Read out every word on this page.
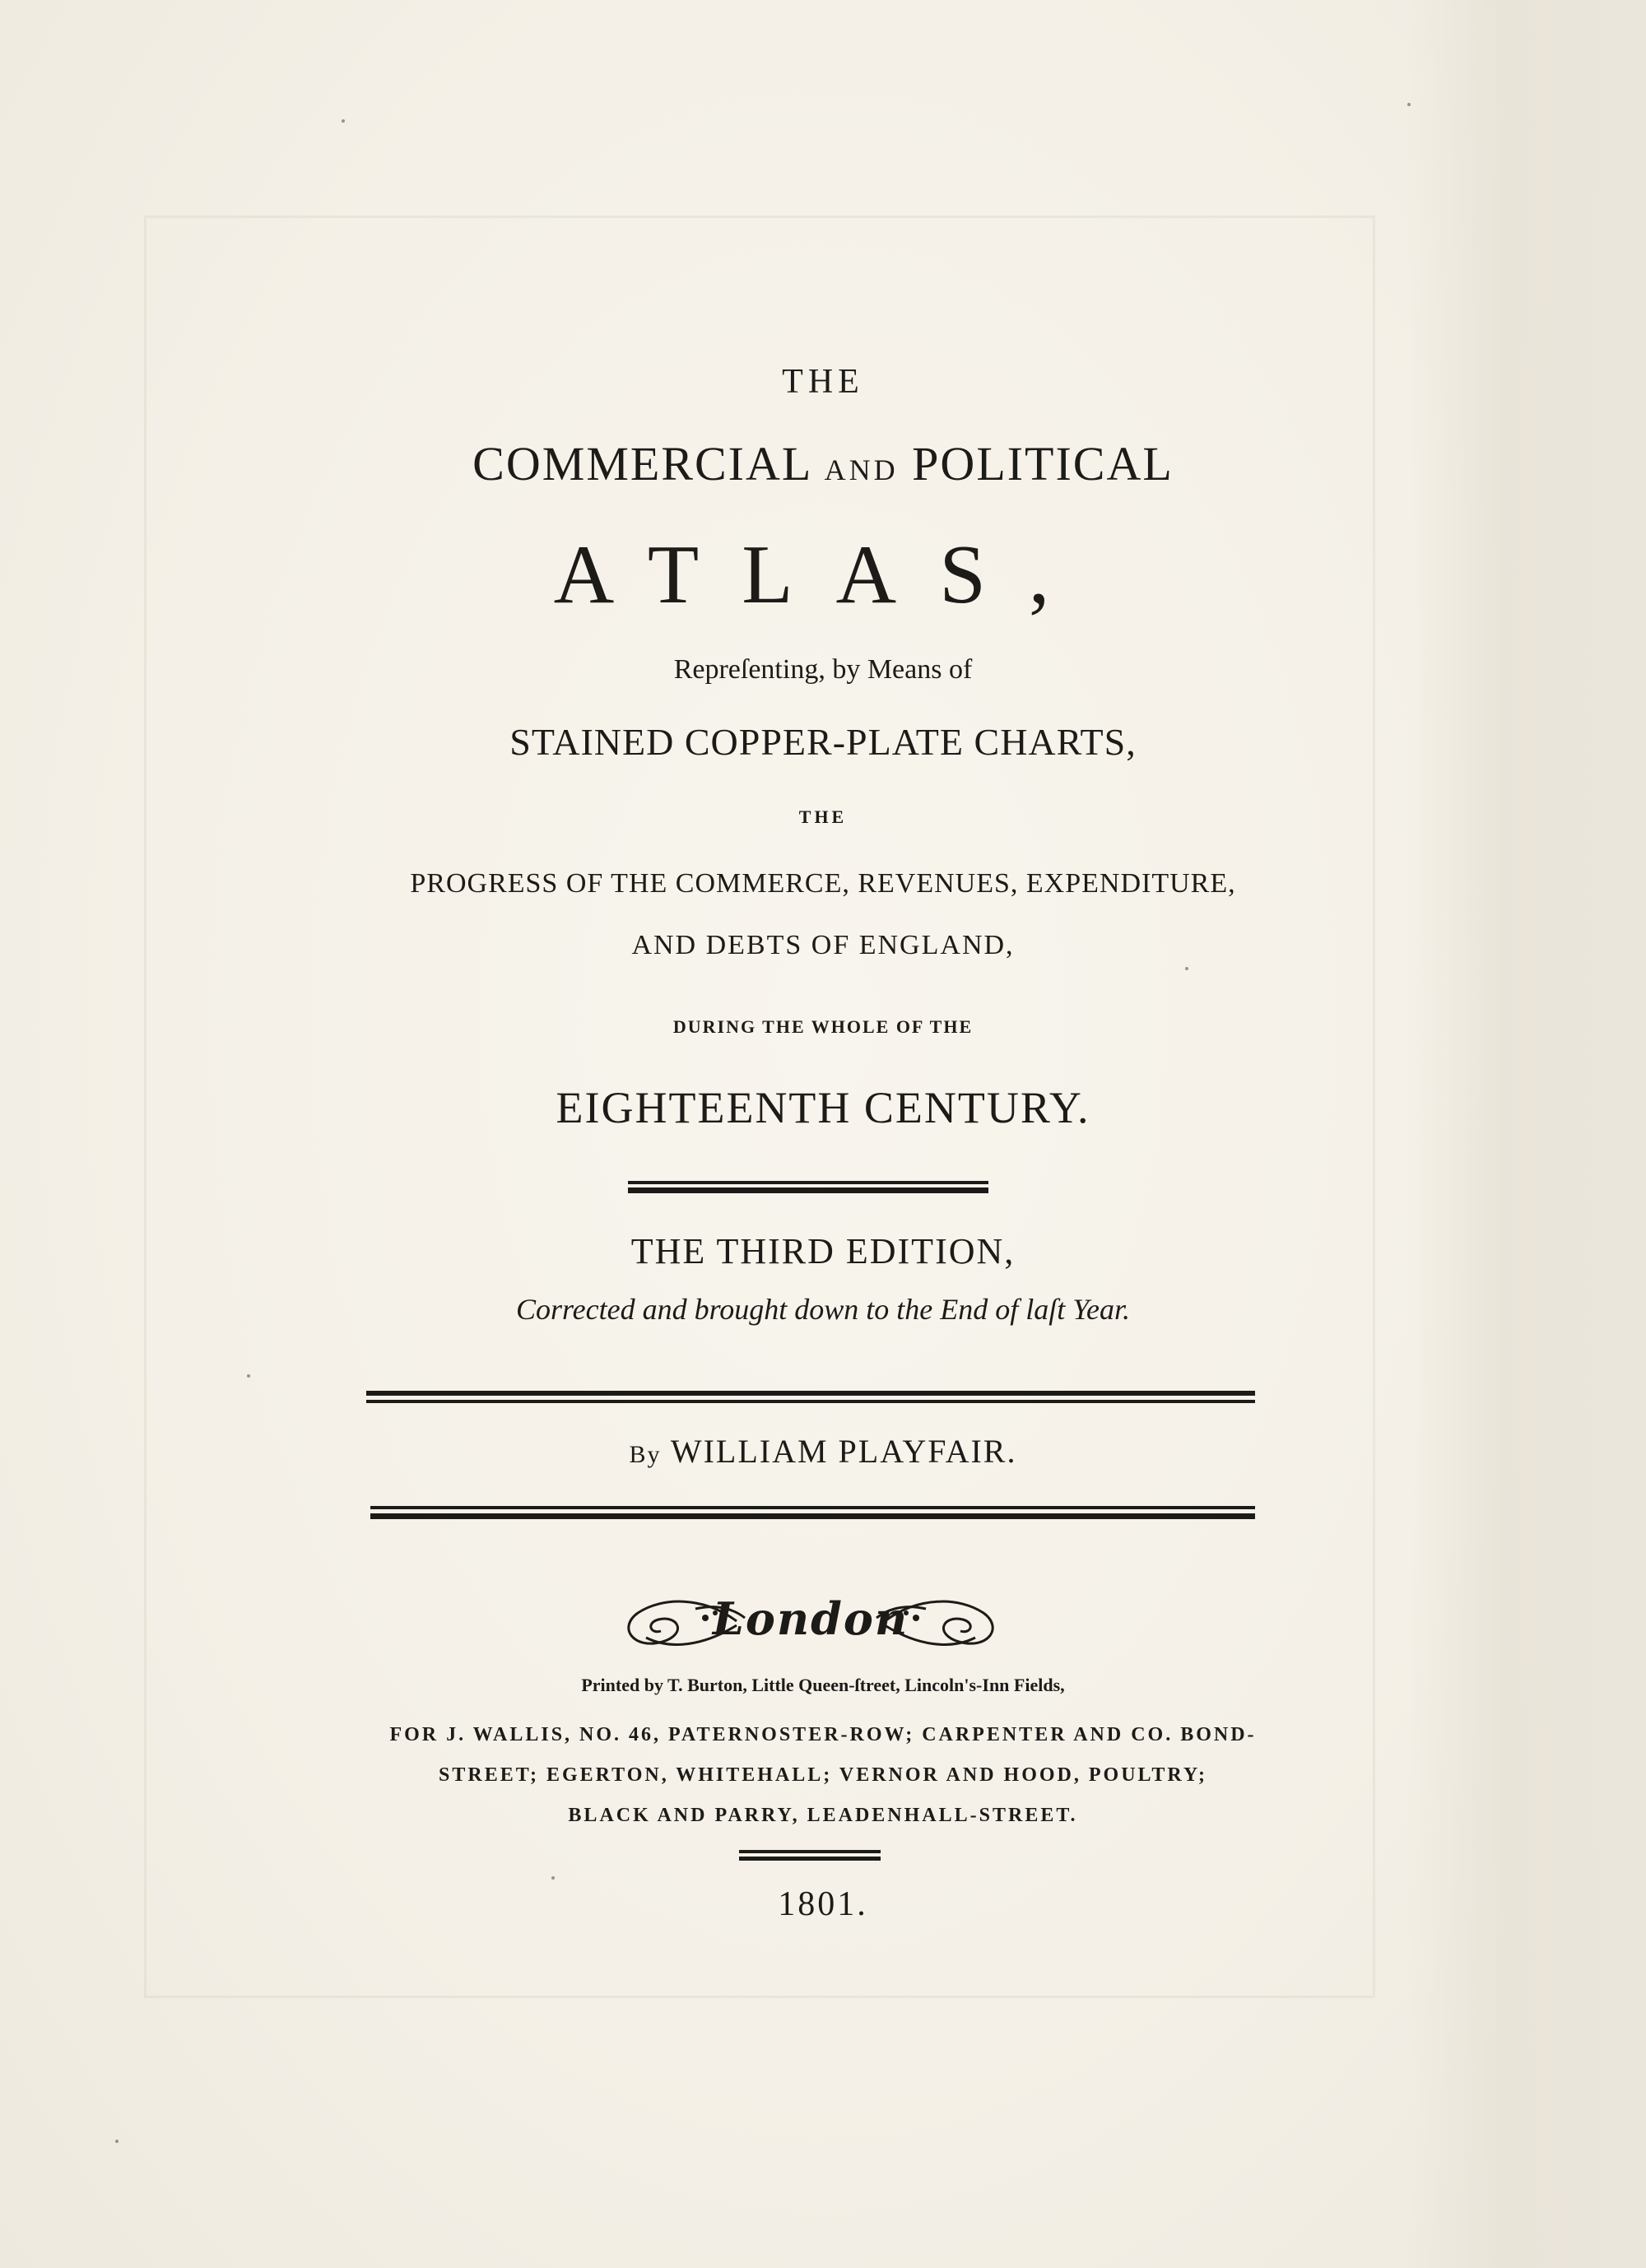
THE
COMMERCIAL AND POLITICAL
ATLAS,
Repreſenting, by Means of
STAINED COPPER-PLATE CHARTS,
THE
PROGRESS OF THE COMMERCE, REVENUES, EXPENDITURE,
AND DEBTS OF ENGLAND,
DURING THE WHOLE OF THE
EIGHTEENTH CENTURY.
THE THIRD EDITION,
Corrected and brought down to the End of laſt Year.
By WILLIAM PLAYFAIR.
London
Printed by T. Burton, Little Queen-ſtreet, Lincoln's-Inn Fields,
FOR J. WALLIS, NO. 46, PATERNOSTER-ROW; CARPENTER AND CO. BOND-
STREET; EGERTON, WHITEHALL; VERNOR AND HOOD, POULTRY;
BLACK AND PARRY, LEADENHALL-STREET.
1801.
